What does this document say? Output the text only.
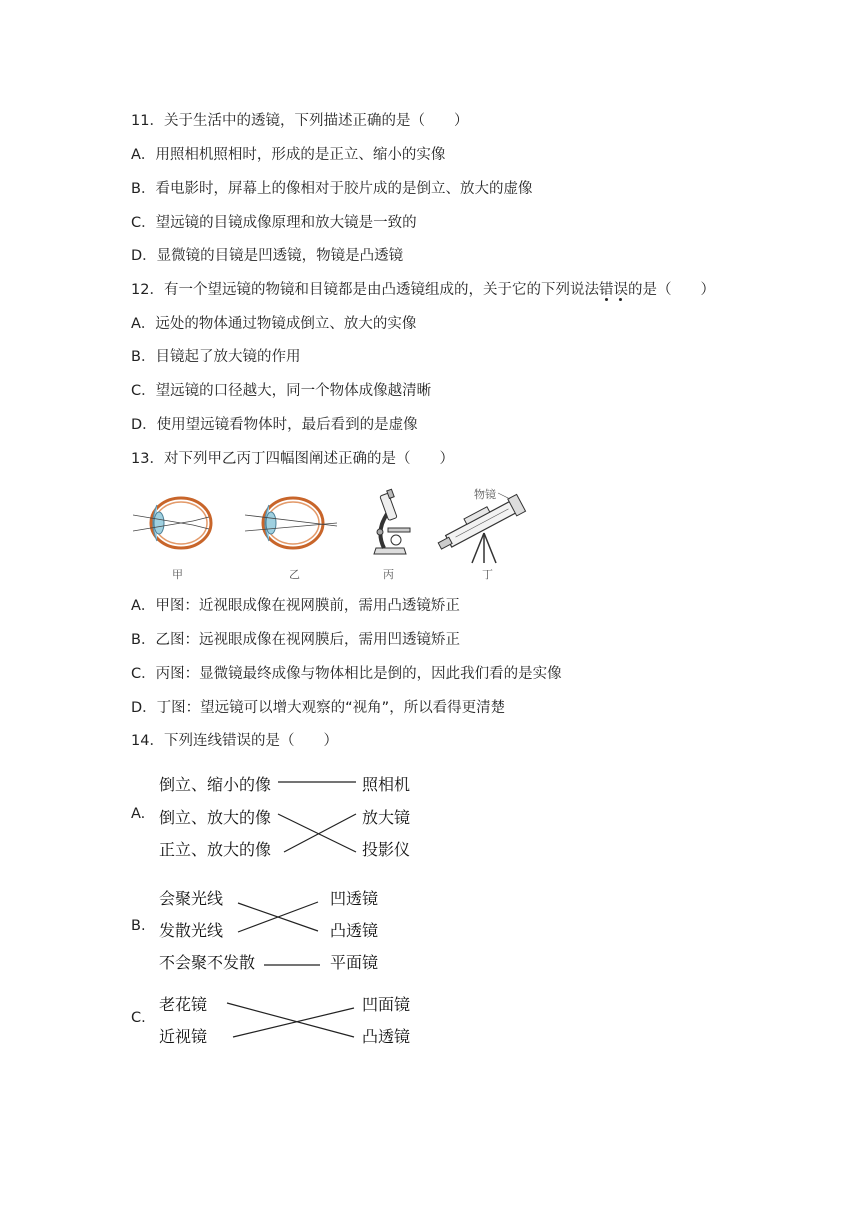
11．关于生活中的透镜，下列描述正确的是（　　）
A．用照相机照相时，形成的是正立、缩小的实像
B．看电影时，屏幕上的像相对于胶片成的是倒立、放大的虚像
C．望远镜的目镜成像原理和放大镜是一致的
D．显微镜的目镜是凹透镜，物镜是凸透镜
12．有一个望远镜的物镜和目镜都是由凸透镜组成的，关于它的下列说法错
误
的是（　　）
A．远处的物体通过物镜成倒立、放大的实像
B．目镜起了放大镜的作用
C．望远镜的口径越大，同一个物体成像越清晰
D．使用望远镜看物体时，最后看到的是虚像
13．对下列甲乙丙丁四幅图阐述正确的是（　　）
甲	乙	丙
物镜
丁
A．甲图：近视眼成像在视网膜前，需用凸透镜矫正
B．乙图：远视眼成像在视网膜后，需用凹透镜矫正
C．丙图：显微镜最终成像与物体相比是倒的，因此我们看的是实像
D．丁图：望远镜可以增大观察的“视角”，所以看得更清楚
14．下列连线错误的是（　　）
A.
倒立、缩小的像
倒立、放大的像
正立、放大的像
照相机
放大镜
投影仪
B.
会聚光线
发散光线
不会聚不发散
凹透镜
凸透镜
平面镜
C.
老花镜
近视镜
凹面镜
凸透镜
